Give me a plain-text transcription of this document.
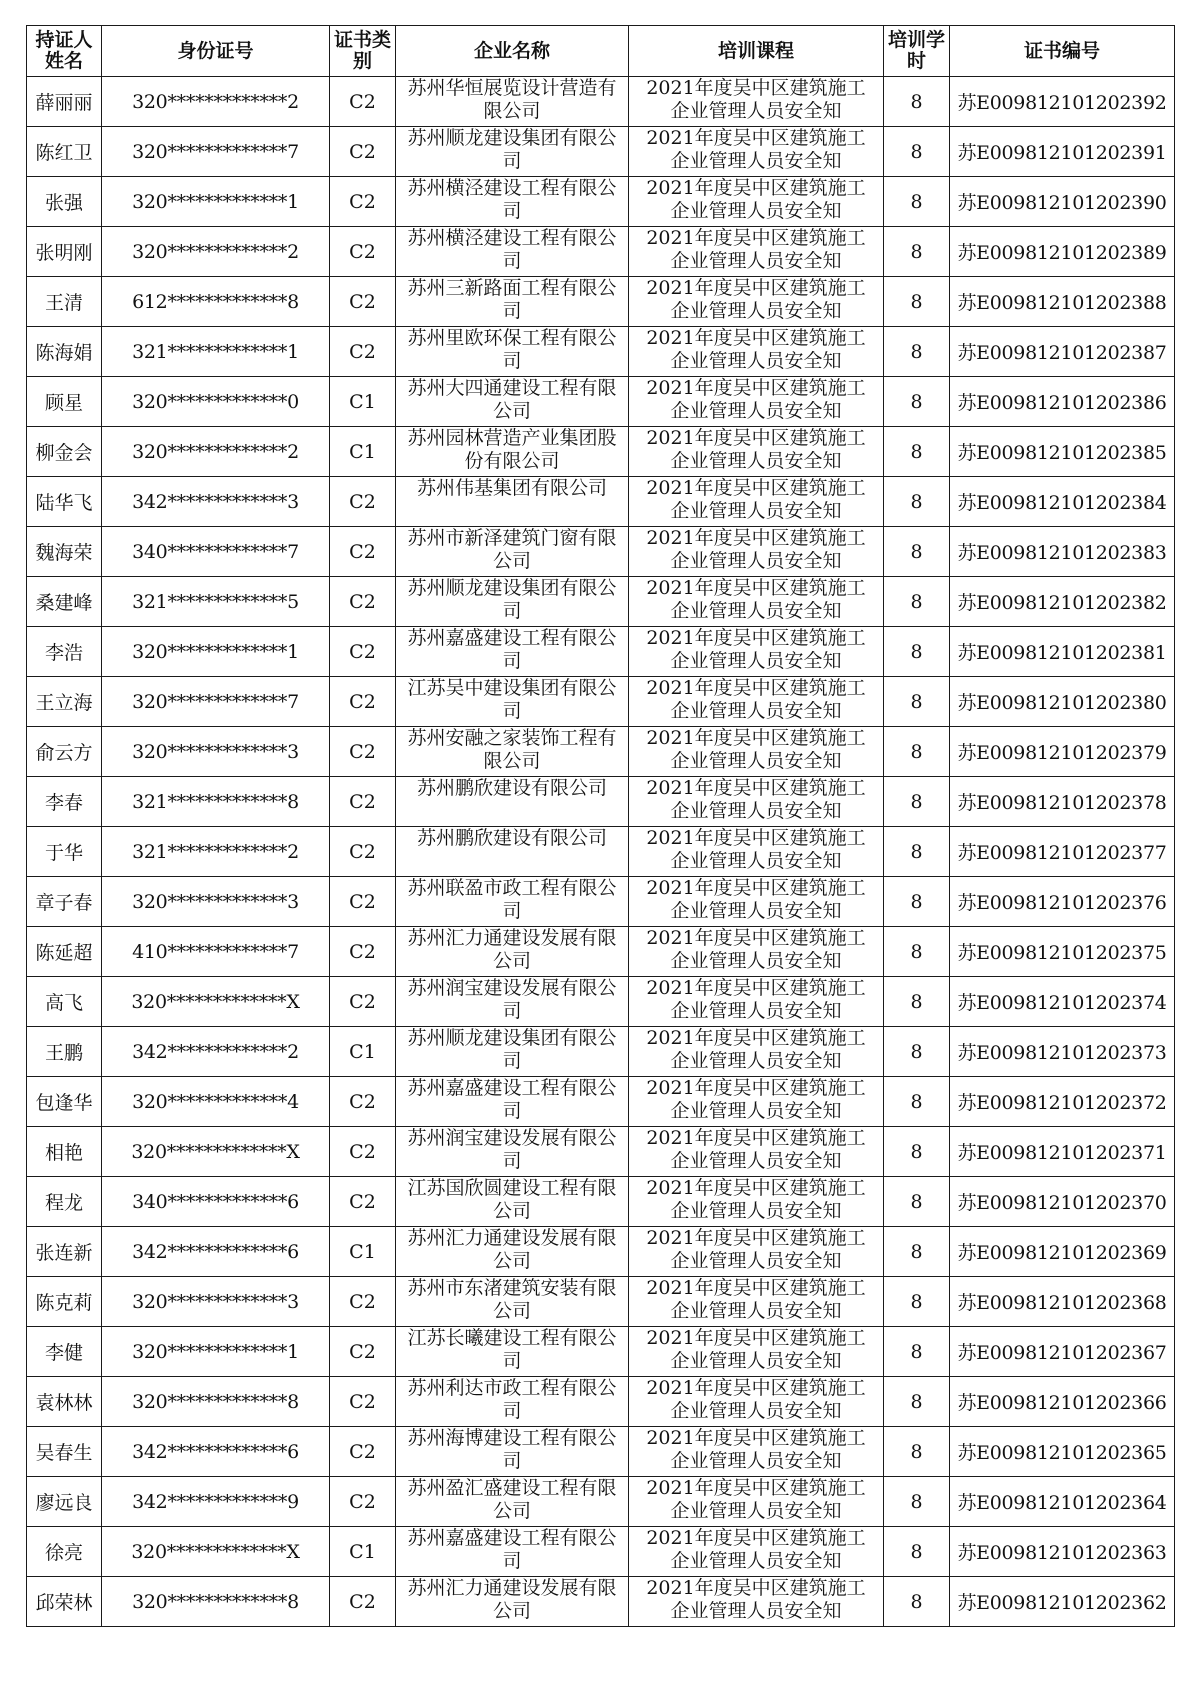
持证人姓名	身份证号	证书类别	企业名称	培训课程	培训学时	证书编号

薛丽丽	320*************2	C2	苏州华恒展览设计营造有限公司	2021年度吴中区建筑施工企业管理人员安全知	8	苏E009812101202392

陈红卫	320*************7	C2	苏州顺龙建设集团有限公司	2021年度吴中区建筑施工企业管理人员安全知	8	苏E009812101202391

张强	320*************1	C2	苏州横泾建设工程有限公司	2021年度吴中区建筑施工企业管理人员安全知	8	苏E009812101202390

张明刚	320*************2	C2	苏州横泾建设工程有限公司	2021年度吴中区建筑施工企业管理人员安全知	8	苏E009812101202389

王清	612*************8	C2	苏州三新路面工程有限公司	2021年度吴中区建筑施工企业管理人员安全知	8	苏E009812101202388

陈海娟	321*************1	C2	苏州里欧环保工程有限公司	2021年度吴中区建筑施工企业管理人员安全知	8	苏E009812101202387

顾星	320*************0	C1	苏州大四通建设工程有限公司	2021年度吴中区建筑施工企业管理人员安全知	8	苏E009812101202386

柳金会	320*************2	C1	苏州园林营造产业集团股份有限公司	2021年度吴中区建筑施工企业管理人员安全知	8	苏E009812101202385

陆华飞	342*************3	C2	苏州伟基集团有限公司	2021年度吴中区建筑施工企业管理人员安全知	8	苏E009812101202384

魏海荣	340*************7	C2	苏州市新泽建筑门窗有限公司	2021年度吴中区建筑施工企业管理人员安全知	8	苏E009812101202383

桑建峰	321*************5	C2	苏州顺龙建设集团有限公司	2021年度吴中区建筑施工企业管理人员安全知	8	苏E009812101202382

李浩	320*************1	C2	苏州嘉盛建设工程有限公司	2021年度吴中区建筑施工企业管理人员安全知	8	苏E009812101202381

王立海	320*************7	C2	江苏吴中建设集团有限公司	2021年度吴中区建筑施工企业管理人员安全知	8	苏E009812101202380

俞云方	320*************3	C2	苏州安融之家装饰工程有限公司	2021年度吴中区建筑施工企业管理人员安全知	8	苏E009812101202379

李春	321*************8	C2	苏州鹏欣建设有限公司	2021年度吴中区建筑施工企业管理人员安全知	8	苏E009812101202378

于华	321*************2	C2	苏州鹏欣建设有限公司	2021年度吴中区建筑施工企业管理人员安全知	8	苏E009812101202377

章子春	320*************3	C2	苏州联盈市政工程有限公司	2021年度吴中区建筑施工企业管理人员安全知	8	苏E009812101202376

陈延超	410*************7	C2	苏州汇力通建设发展有限公司	2021年度吴中区建筑施工企业管理人员安全知	8	苏E009812101202375

高飞	320*************X	C2	苏州润宝建设发展有限公司	2021年度吴中区建筑施工企业管理人员安全知	8	苏E009812101202374

王鹏	342*************2	C1	苏州顺龙建设集团有限公司	2021年度吴中区建筑施工企业管理人员安全知	8	苏E009812101202373

包逢华	320*************4	C2	苏州嘉盛建设工程有限公司	2021年度吴中区建筑施工企业管理人员安全知	8	苏E009812101202372

相艳	320*************X	C2	苏州润宝建设发展有限公司	2021年度吴中区建筑施工企业管理人员安全知	8	苏E009812101202371

程龙	340*************6	C2	江苏国欣圆建设工程有限公司	2021年度吴中区建筑施工企业管理人员安全知	8	苏E009812101202370

张连新	342*************6	C1	苏州汇力通建设发展有限公司	2021年度吴中区建筑施工企业管理人员安全知	8	苏E009812101202369

陈克莉	320*************3	C2	苏州市东渚建筑安装有限公司	2021年度吴中区建筑施工企业管理人员安全知	8	苏E009812101202368

李健	320*************1	C2	江苏长曦建设工程有限公司	2021年度吴中区建筑施工企业管理人员安全知	8	苏E009812101202367

袁林林	320*************8	C2	苏州利达市政工程有限公司	2021年度吴中区建筑施工企业管理人员安全知	8	苏E009812101202366

吴春生	342*************6	C2	苏州海博建设工程有限公司	2021年度吴中区建筑施工企业管理人员安全知	8	苏E009812101202365

廖远良	342*************9	C2	苏州盈汇盛建设工程有限公司	2021年度吴中区建筑施工企业管理人员安全知	8	苏E009812101202364

徐亮	320*************X	C1	苏州嘉盛建设工程有限公司	2021年度吴中区建筑施工企业管理人员安全知	8	苏E009812101202363

邱荣林	320*************8	C2	苏州汇力通建设发展有限公司	2021年度吴中区建筑施工企业管理人员安全知	8	苏E009812101202362
